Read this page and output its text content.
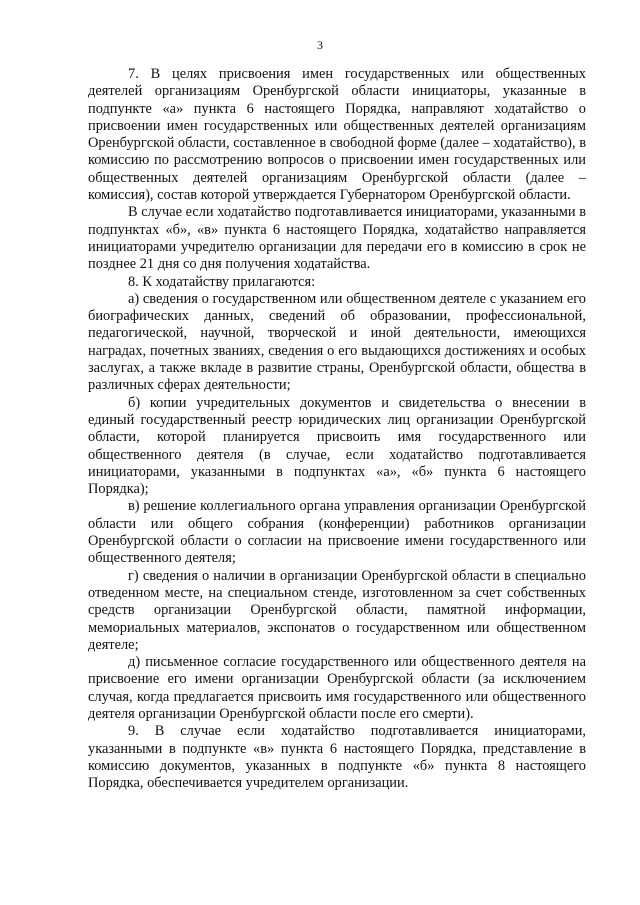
3

7. В целях присвоения имен государственных или общественных деятелей организациям Оренбургской области инициаторы, указанные в подпункте «а» пункта 6 настоящего Порядка, направляют ходатайство о присвоении имен государственных или общественных деятелей организациям Оренбургской области, составленное в свободной форме (далее – ходатайство), в комиссию по рассмотрению вопросов о присвоении имен государственных или общественных деятелей организациям Оренбургской области (далее – комиссия), состав которой утверждается Губернатором Оренбургской области.

В случае если ходатайство подготавливается инициаторами, указанными в подпунктах «б», «в» пункта 6 настоящего Порядка, ходатайство направляется инициаторами учредителю организации для передачи его в комиссию в срок не позднее 21 дня со дня получения ходатайства.

8. К ходатайству прилагаются:

а) сведения о государственном или общественном деятеле с указанием его биографических данных, сведений об образовании, профессиональной, педагогической, научной, творческой и иной деятельности, имеющихся наградах, почетных званиях, сведения о его выдающихся достижениях и особых заслугах, а также вкладе в развитие страны, Оренбургской области, общества в различных сферах деятельности;

б) копии учредительных документов и свидетельства о внесении в единый государственный реестр юридических лиц организации Оренбургской области, которой планируется присвоить имя государственного или общественного деятеля (в случае, если ходатайство подготавливается инициаторами, указанными в подпунктах «а», «б» пункта 6 настоящего Порядка);

в) решение коллегиального органа управления организации Оренбургской области или общего собрания (конференции) работников организации Оренбургской области о согласии на присвоение имени государственного или общественного деятеля;

г) сведения о наличии в организации Оренбургской области в специально отведенном месте, на специальном стенде, изготовленном за счет собственных средств организации Оренбургской области, памятной информации, мемориальных материалов, экспонатов о государственном или общественном деятеле;

д) письменное согласие государственного или общественного деятеля на присвоение его имени организации Оренбургской области (за исключением случая, когда предлагается присвоить имя государственного или общественного деятеля организации Оренбургской области после его смерти).

9. В случае если ходатайство подготавливается инициаторами, указанными в подпункте «в» пункта 6 настоящего Порядка, представление в комиссию документов, указанных в подпункте «б» пункта 8 настоящего Порядка, обеспечивается учредителем организации.
